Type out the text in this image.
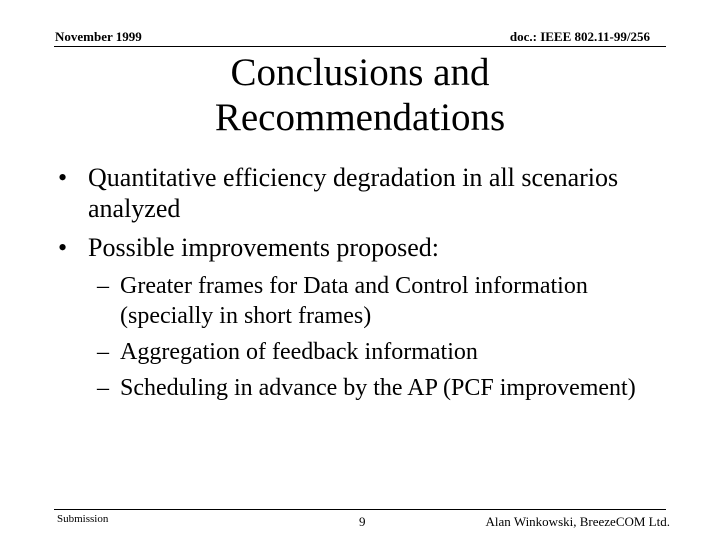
November 1999	doc.: IEEE 802.11-99/256
Conclusions and
Recommendations
• Quantitative efficiency degradation in all scenarios analyzed
• Possible improvements proposed:
– Greater frames for Data and Control information (specially in short frames)
– Aggregation of feedback information
– Scheduling in advance by the AP (PCF improvement)
Submission	9	Alan Winkowski, BreezeCOM Ltd.
